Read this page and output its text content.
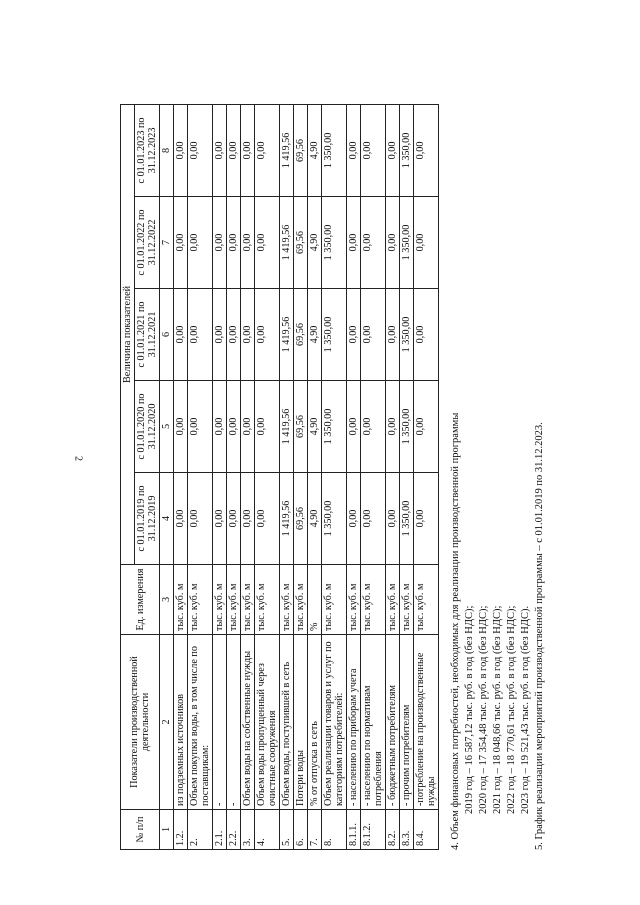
2
№ п/п	Показатели производственной деятельности	Ед. измерения	Величина показателей				
			с 01.01.2019 по 31.12.2019	с 01.01.2020 по 31.12.2020	с 01.01.2021 по 31.12.2021	с 01.01.2022 по 31.12.2022	с 01.01.2023 по 31.12.2023
1	2	3	4	5	6	7	8
1.2.	из подземных источников	тыс. куб. м	0,00	0,00	0,00	0,00	0,00
2.	Объем покупки воды, в том числе по поставщикам:	тыс. куб. м	0,00	0,00	0,00	0,00	0,00
2.1.	-	тыс. куб. м	0,00	0,00	0,00	0,00	0,00
2.2.	-	тыс. куб. м	0,00	0,00	0,00	0,00	0,00
3.	Объем воды на собственные нужды	тыс. куб. м	0,00	0,00	0,00	0,00	0,00
4.	Объем воды пропущенный через очистные сооружения	тыс. куб. м	0,00	0,00	0,00	0,00	0,00
5.	Объем воды, поступившей в сеть	тыс. куб. м	1 419,56	1 419,56	1 419,56	1 419,56	1 419,56
6.	Потери воды	тыс. куб. м	69,56	69,56	69,56	69,56	69,56
7.	% от отпуска в сеть	%	4,90	4,90	4,90	4,90	4,90
8.	Объем реализации товаров и услуг по категориям потребителей:	тыс. куб. м	1 350,00	1 350,00	1 350,00	1 350,00	1 350,00
8.1.1.	- населению по приборам учета	тыс. куб. м	0,00	0,00	0,00	0,00	0,00
8.1.2.	- населению по нормативам потребления	тыс. куб. м	0,00	0,00	0,00	0,00	0,00
8.2.	- бюджетным потребителям	тыс. куб. м	0,00	0,00	0,00	0,00	0,00
8.3.	- прочим потребителям	тыс. куб. м	1 350,00	1 350,00	1 350,00	1 350,00	1 350,00
8.4.	-потребление на производственные нужды	тыс. куб. м	0,00	0,00	0,00	0,00	0,00
4. Объем финансовых потребностей, необходимых для реализации производственной программы 2019 год – 16 587,12 тыс. руб. в год (без НДС); 2020 год – 17 354,48 тыс. руб. в год (без НДС); 2021 год – 18 048,66 тыс. руб. в год (без НДС); 2022 год – 18 770,61 тыс. руб. в год (без НДС); 2023 год – 19 521,43 тыс. руб. в год (без НДС). 5. График реализации мероприятий производственной программы – с 01.01.2019 по 31.12.2023.
